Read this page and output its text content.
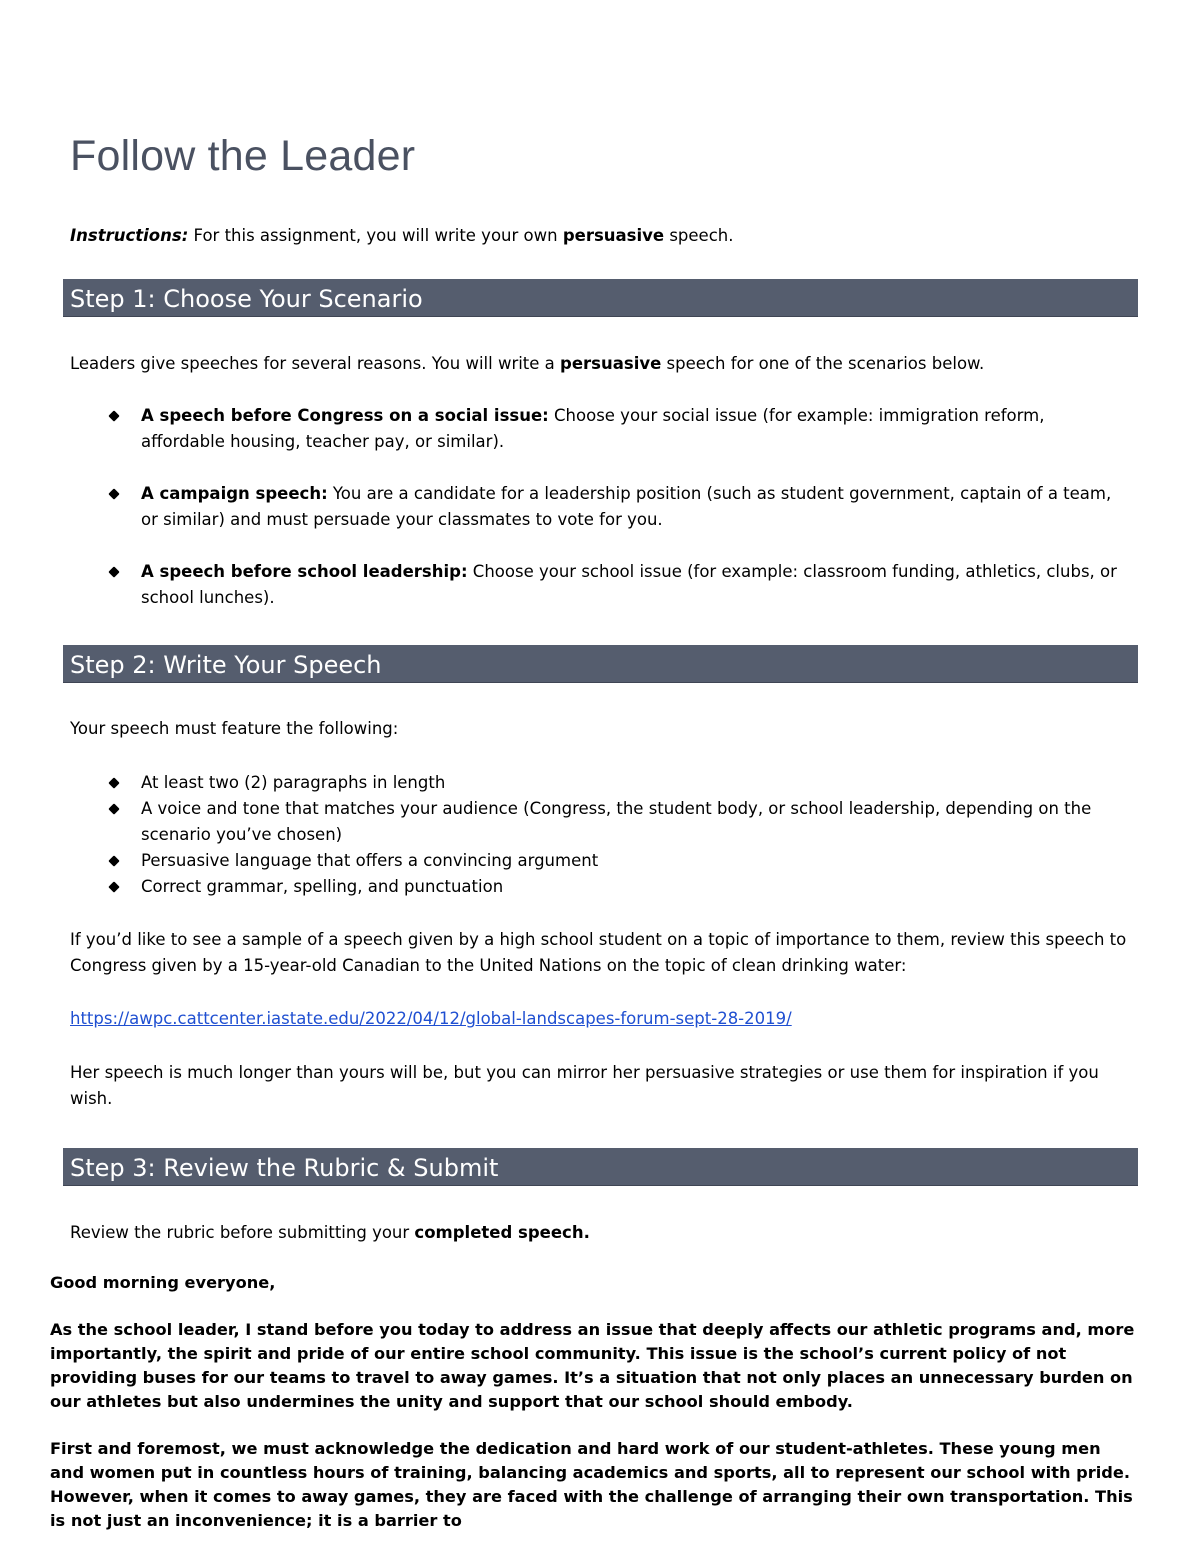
Follow the Leader
Instructions: For this assignment, you will write your own persuasive speech.
Step 1: Choose Your Scenario
Leaders give speeches for several reasons. You will write a persuasive speech for one of the scenarios below.
A speech before Congress on a social issue: Choose your social issue (for example: immigration reform, affordable housing, teacher pay, or similar).
A campaign speech: You are a candidate for a leadership position (such as student government, captain of a team, or similar) and must persuade your classmates to vote for you.
A speech before school leadership: Choose your school issue (for example: classroom funding, athletics, clubs, or school lunches).
Step 2: Write Your Speech
Your speech must feature the following:
At least two (2) paragraphs in length
A voice and tone that matches your audience (Congress, the student body, or school leadership, depending on the scenario you’ve chosen)
Persuasive language that offers a convincing argument
Correct grammar, spelling, and punctuation
If you’d like to see a sample of a speech given by a high school student on a topic of importance to them, review this speech to Congress given by a 15-year-old Canadian to the United Nations on the topic of clean drinking water:
https://awpc.cattcenter.iastate.edu/2022/04/12/global-landscapes-forum-sept-28-2019/
Her speech is much longer than yours will be, but you can mirror her persuasive strategies or use them for inspiration if you wish.
Step 3: Review the Rubric & Submit
Review the rubric before submitting your completed speech.
Good morning everyone,
As the school leader, I stand before you today to address an issue that deeply affects our athletic programs and, more importantly, the spirit and pride of our entire school community. This issue is the school’s current policy of not providing buses for our teams to travel to away games. It’s a situation that not only places an unnecessary burden on our athletes but also undermines the unity and support that our school should embody.
First and foremost, we must acknowledge the dedication and hard work of our student-athletes. These young men and women put in countless hours of training, balancing academics and sports, all to represent our school with pride. However, when it comes to away games, they are faced with the challenge of arranging their own transportation. This is not just an inconvenience; it is a barrier to
